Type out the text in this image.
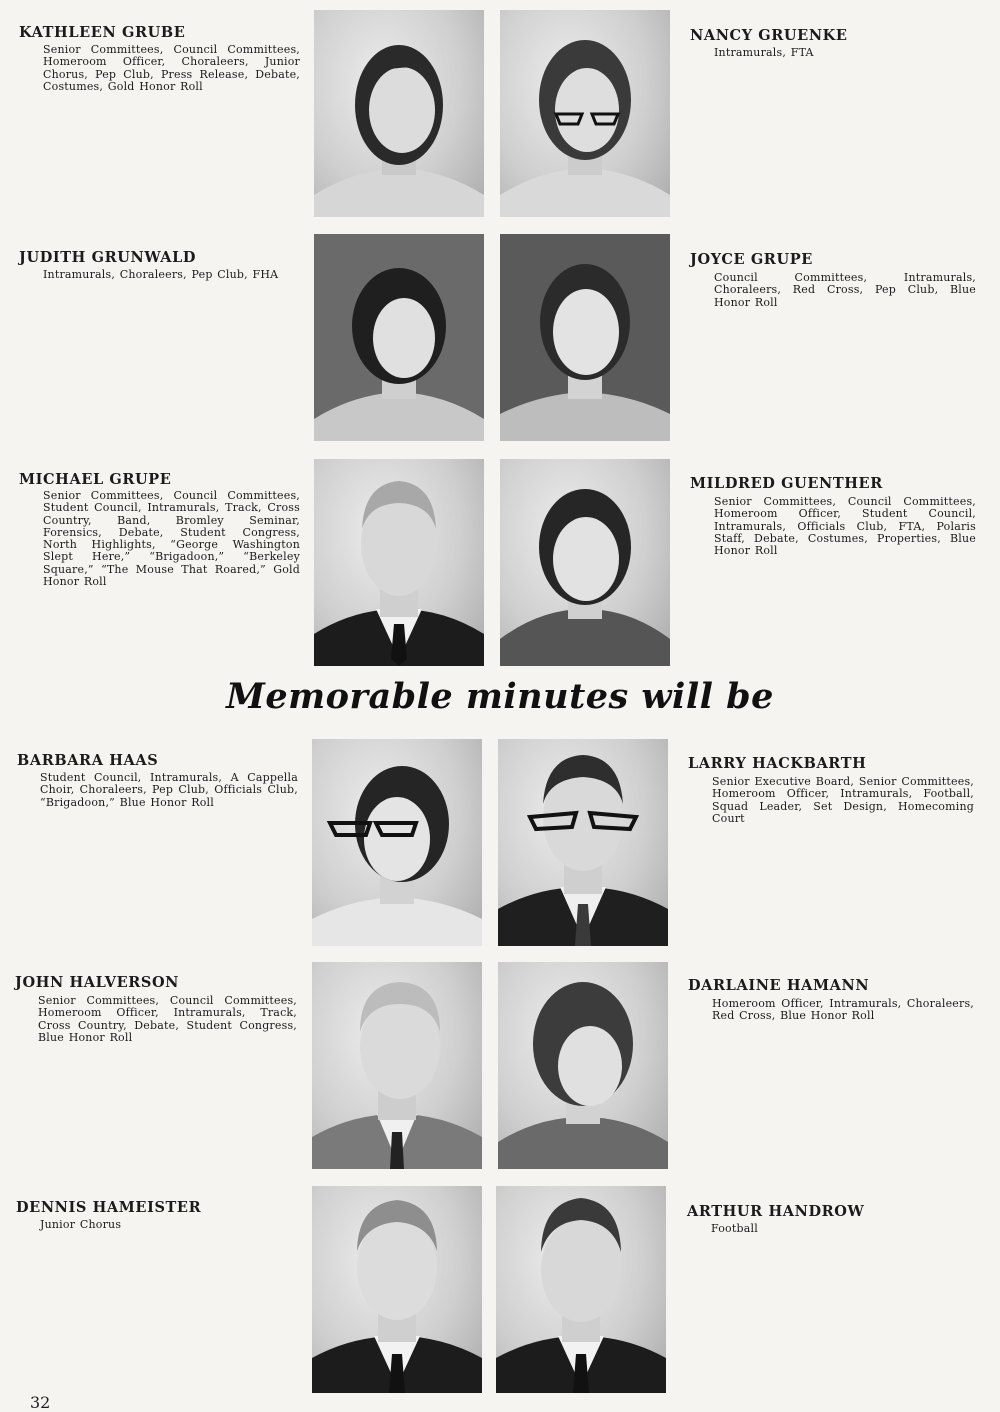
KATHLEEN GRUBE

Senior Committees, Council Committees, Homeroom Officer, Choraleers, Junior Chorus, Pep Club, Press Release, Debate, Costumes, Gold Honor Roll

NANCY GRUENKE

Intramurals, FTA

JUDITH GRUNWALD

Intramurals, Choraleers, Pep Club, FHA

JOYCE GRUPE

Council Committees, Intramurals, Choraleers, Red Cross, Pep Club, Blue Honor Roll

MICHAEL GRUPE

Senior Committees, Council Committees, Student Council, Intramurals, Track, Cross Country, Band, Bromley Seminar, Forensics, Debate, Student Congress, North Highlights, “George Washington Slept Here,” “Brigadoon,” “Berkeley Square,” “The Mouse That Roared,” Gold Honor Roll

MILDRED GUENTHER

Senior Committees, Council Committees, Homeroom Officer, Student Council, Intramurals, Officials Club, FTA, Polaris Staff, Debate, Costumes, Properties, Blue Honor Roll

Memorable minutes will be
BARBARA HAAS

Student Council, Intramurals, A Cappella Choir, Choraleers, Pep Club, Officials Club, “Brigadoon,” Blue Honor Roll

LARRY HACKBARTH

Senior Executive Board, Senior Committees, Homeroom Officer, Intramurals, Football, Squad Leader, Set Design, Homecoming Court

JOHN HALVERSON

Senior Committees, Council Committees, Homeroom Officer, Intramurals, Track, Cross Country, Debate, Student Congress, Blue Honor Roll

DARLAINE HAMANN

Homeroom Officer, Intramurals, Choraleers, Red Cross, Blue Honor Roll

DENNIS HAMEISTER

Junior Chorus

ARTHUR HANDROW

Football

32
